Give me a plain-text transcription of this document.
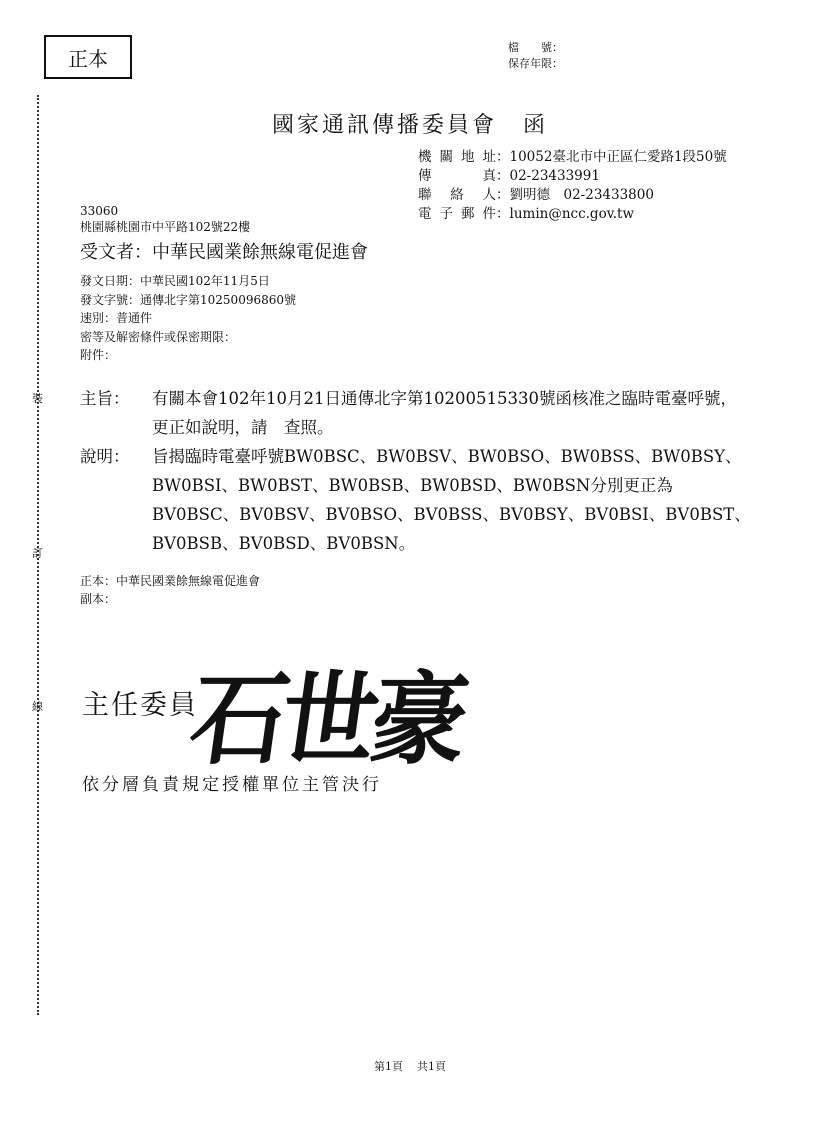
裝
訂
線
正本	檔　　號：
保存年限：
國家通訊傳播委員會 函
機關地址：10052臺北市中正區仁愛路1段50號
傳　　真：02-23433991
聯 絡 人：劉明德　02-23433800
電子郵件：lumin@ncc.gov.tw
33060
桃園縣桃園市中平路102號22樓
受文者：中華民國業餘無線電促進會
發文日期：中華民國102年11月5日
發文字號：通傳北字第10250096860號
速別：普通件
密等及解密條件或保密期限：
附件：
主旨：	有關本會102年10月21日通傳北字第10200515330號函核准之臨時電臺呼號，更正如說明，請　查照。
說明：	旨揭臨時電臺呼號BW0BSC、BW0BSV、BW0BSO、BW0BSS、BW0BSY、BW0BSI、BW0BST、BW0BSB、BW0BSD、BW0BSN分別更正為BV0BSC、BV0BSV、BV0BSO、BV0BSS、BV0BSY、BV0BSI、BV0BST、BV0BSB、BV0BSD、BV0BSN。
正本：中華民國業餘無線電促進會
副本：
主任委員
石世豪
依分層負責規定授權單位主管決行
第1頁 共1頁
